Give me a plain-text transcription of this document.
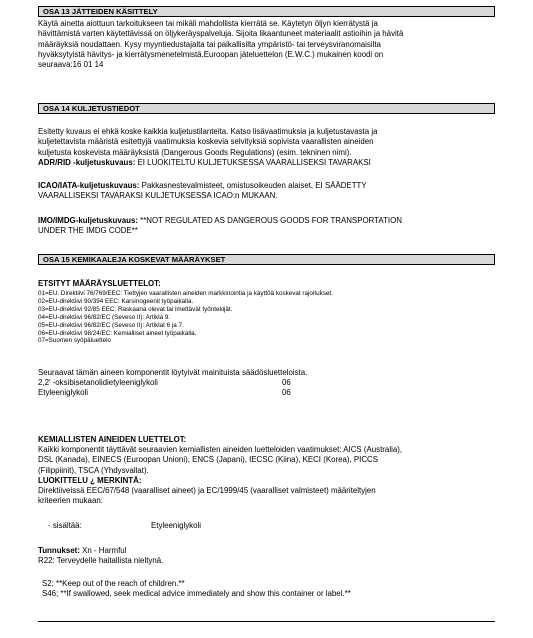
OSA 13 JÄTTEIDEN KÄSITTELY
Käytä ainetta aiottuun tarkoitukseen tai mikäli mahdollista kierrätä se. Käytetyn öljyn kierrätystä ja
hävittämistä varten käytettävissä on öljykeräyspalveluja. Sijoita likaantuneet materiaalit astioihin ja hävitä
määräyksiä noudattaen. Kysy myyntiedustajalta tai paikallisilta ympäristö- tai terveysviranomaisilta
hyväksytyistä hävitys- ja kierrätysmenetelmistä.Euroopan jäteluettelon (E.W.C.) mukainen koodi on
seuraava:16 01 14
OSA 14 KULJETUSTIEDOT
Esitetty kuvaus ei ehkä koske kaikkia kuljetustilanteita. Katso lisävaatimuksia ja kuljetustavasta ja
kuljetettavista määristä esitettyjä vaatimuksia koskevia selvityksiä sopivista vaarallisten aineiden
kuljetusta koskevista määräyksistä (Dangerous Goods Regulations) (esim. tekninen nimi).
ADR/RID -kuljetuskuvaus: EI LUOKITELTU KULJETUKSESSA VAARALLISEKSI TAVARAKSI
ICAO/IATA-kuljetuskuvaus: Pakkasnestevalmisteet, omistusoikeuden alaiset, EI SÄÄDETTY
VAARALLISEKSI TAVARAKSI KULJETUKSESSA ICAO:n MUKAAN.
IMO/IMDG-kuljetuskuvaus: **NOT REGULATED AS DANGEROUS GOODS FOR TRANSPORTATION
UNDER THE IMDG CODE**
OSA 15 KEMIKAALEJA KOSKEVAT MÄÄRÄYKSET
ETSITYT MÄÄRÄYSLUETTELOT:
01=EU. Direktiivi 76/769/EEC: Tiettyjen vaarallisten aineiden markkinointia ja käyttöä koskevat rajoitukset.
02=EU-direktiivi 90/394 EEC: Karsinogeenit työpaikalla.
03=EU-direktiivi 92/85 EEC: Raskaana olevat tai imettävät työntekijät.
04=EU-direktiivi 96/82/EC (Seveso II): Artikla 9.
05=EU-direktiivi 96/82/EC (Seveso II): Artiklat 6 ja 7.
06=EU-direktiivi 98/24/EC: Kemialliset aineet työpaikalla.
07=Suomen syöpäluettelo
Seuraavat tämän aineen komponentit löytyivät mainituista säädösluetteloista.
2,2' -oksibisetanolidietyleeniglykoli	06
Etyleeniglykoli	06
KEMIALLISTEN AINEIDEN LUETTELOT:
Kaikki komponentit täyttävät seuraavien kemiallisten aineiden luetteloiden vaatimukset: AICS (Australia),
DSL (Kanada), EINECS (Euroopan Unioni), ENCS (Japani), IECSC (Kiina), KECI (Korea), PICCS
(Filippiinit), TSCA (Yhdysvallat).
LUOKITTELU ¿ MERKINTÄ:
Direktiiveissä EEC/67/548 (vaaralliset aineet) ja EC/1999/45 (vaaralliset valmisteet) määriteltyjen
kriteerien mukaan:
- sisältää:	Etyleeniglykoli
Tunnukset: Xn - Harmful
R22: Terveydelle haitallista nieltynä.
S2; **Keep out of the reach of children.**
S46; **If swallowed, seek medical advice immediately and show this container or label.**
